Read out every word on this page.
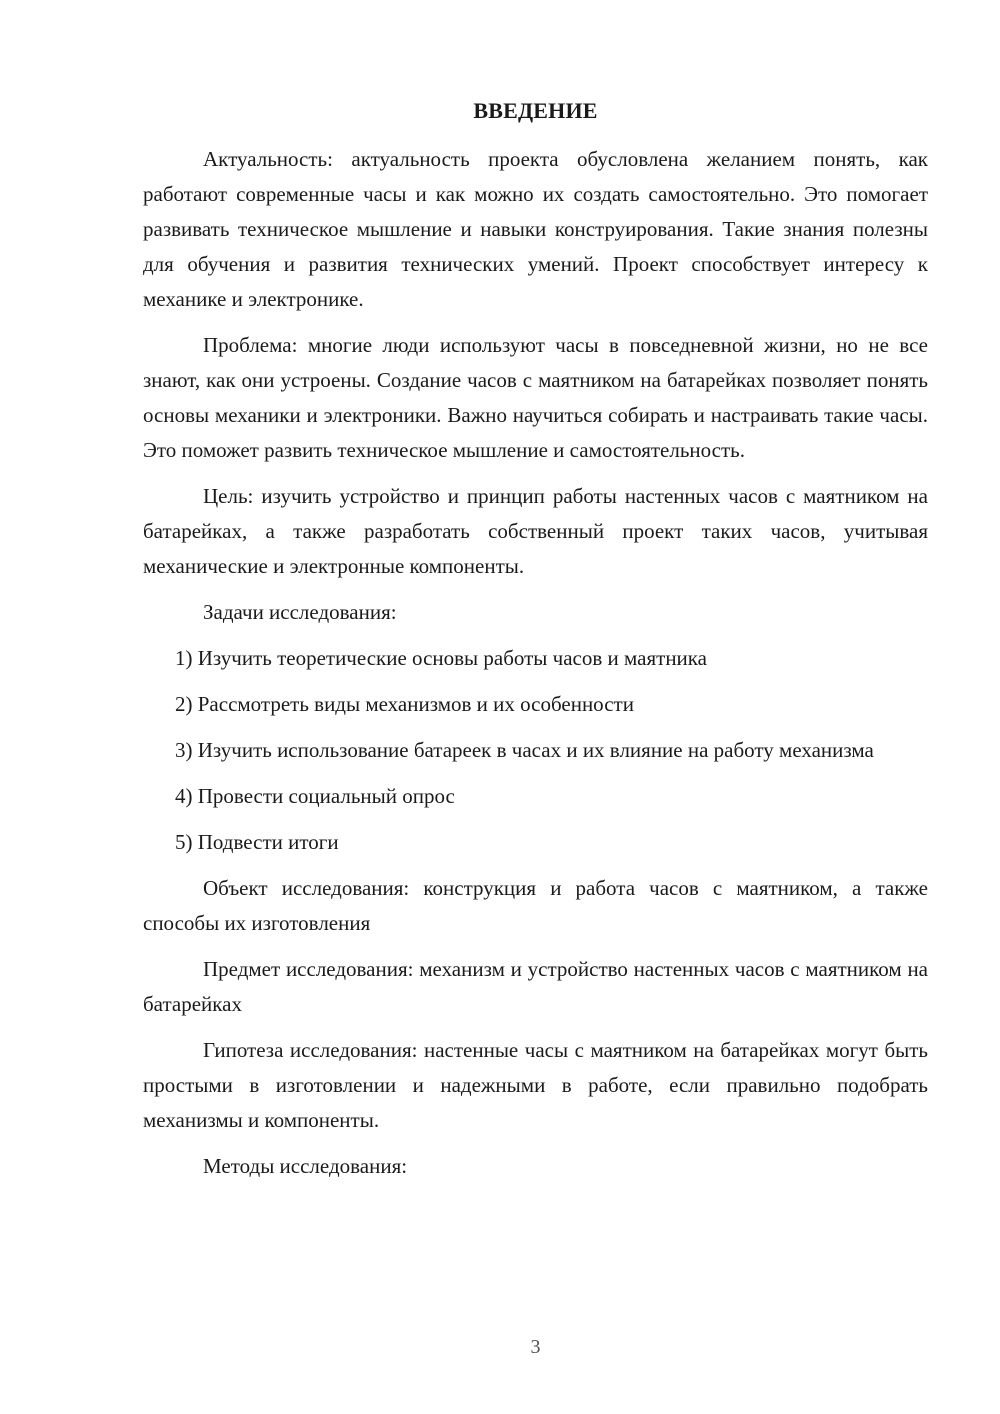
ВВЕДЕНИЕ

Актуальность: актуальность проекта обусловлена желанием понять, как работают современные часы и как можно их создать самостоятельно. Это помогает развивать техническое мышление и навыки конструирования. Такие знания полезны для обучения и развития технических умений. Проект способствует интересу к механике и электронике.

Проблема: многие люди используют часы в повседневной жизни, но не все знают, как они устроены. Создание часов с маятником на батарейках позволяет понять основы механики и электроники. Важно научиться собирать и настраивать такие часы. Это поможет развить техническое мышление и самостоятельность.

Цель: изучить устройство и принцип работы настенных часов с маятником на батарейках, а также разработать собственный проект таких часов, учитывая механические и электронные компоненты.

Задачи исследования:

1) Изучить теоретические основы работы часов и маятника

2) Рассмотреть виды механизмов и их особенности

3) Изучить использование батареек в часах и их влияние на работу механизма

4) Провести социальный опрос

5) Подвести итоги

Объект исследования: конструкция и работа часов с маятником, а также способы их изготовления

Предмет исследования: механизм и устройство настенных часов с маятником на батарейках

Гипотеза исследования: настенные часы с маятником на батарейках могут быть простыми в изготовлении и надежными в работе, если правильно подобрать механизмы и компоненты.

Методы исследования:

3
